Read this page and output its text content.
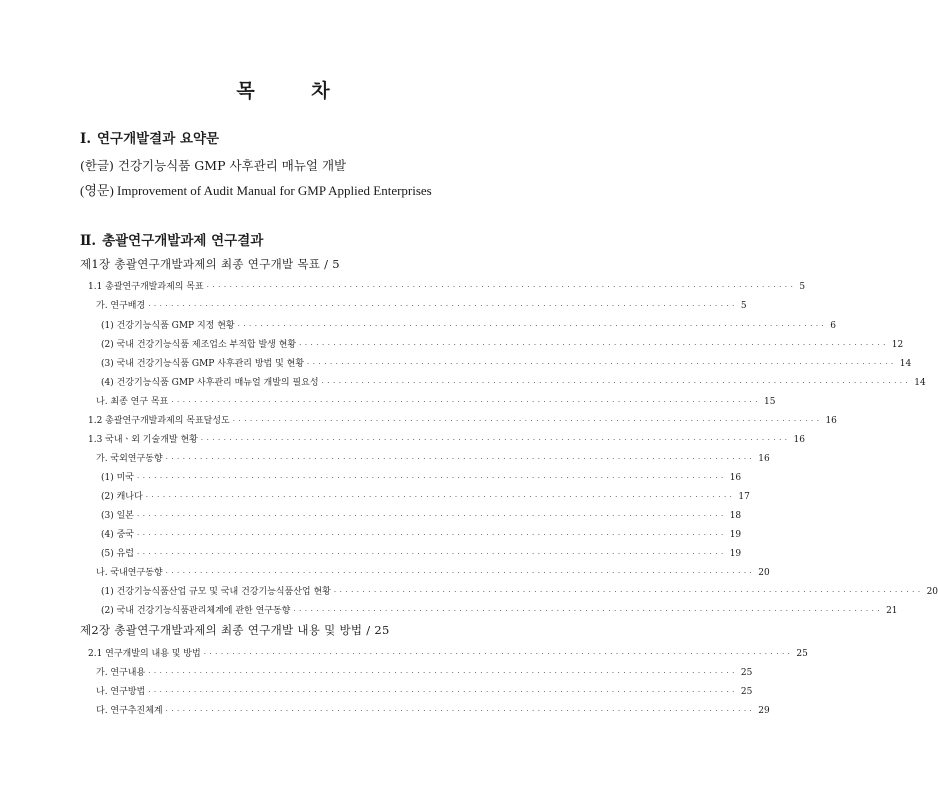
목 차
Ⅰ. 연구개발결과 요약문
(한글) 건강기능식품 GMP 사후관리 매뉴얼 개발
(영문) Improvement of Audit Manual for GMP Applied Enterprises
Ⅱ. 총괄연구개발과제 연구결과
제1장 총괄연구개발과제의 최종 연구개발 목표 / 5
1.1 총괄연구개발과제의 목표 ······································································································· 5
가. 연구배경 ······································································································· 5
(1) 건강기능식품 GMP 지정 현황 ······································································································· 6
(2) 국내 건강기능식품 제조업소 부적합 발생 현황 ······································································································· 12
(3) 국내 건강기능식품 GMP 사후관리 방법 및 현황 ······································································································· 14
(4) 건강기능식품 GMP 사후관리 매뉴얼 개발의 필요성 ······································································································· 14
나. 최종 연구 목표 ······································································································· 15
1.2 총괄연구개발과제의 목표달성도 ······································································································· 16
1.3 국내ㆍ외 기술개발 현황 ······································································································· 16
가. 국외연구동향 ······································································································· 16
(1) 미국 ······································································································· 16
(2) 캐나다 ······································································································· 17
(3) 일본 ······································································································· 18
(4) 중국 ······································································································· 19
(5) 유럽 ······································································································· 19
나. 국내연구동향 ······································································································· 20
(1) 건강기능식품산업 규모 및 국내 건강기능식품산업 현황 ······································································································· 20
(2) 국내 건강기능식품관리체계에 관한 연구동향 ······································································································· 21
제2장 총괄연구개발과제의 최종 연구개발 내용 및 방법 / 25
2.1 연구개발의 내용 및 방법 ······································································································· 25
가. 연구내용 ······································································································· 25
나. 연구방법 ······································································································· 25
다. 연구추진체계 ······································································································· 29
